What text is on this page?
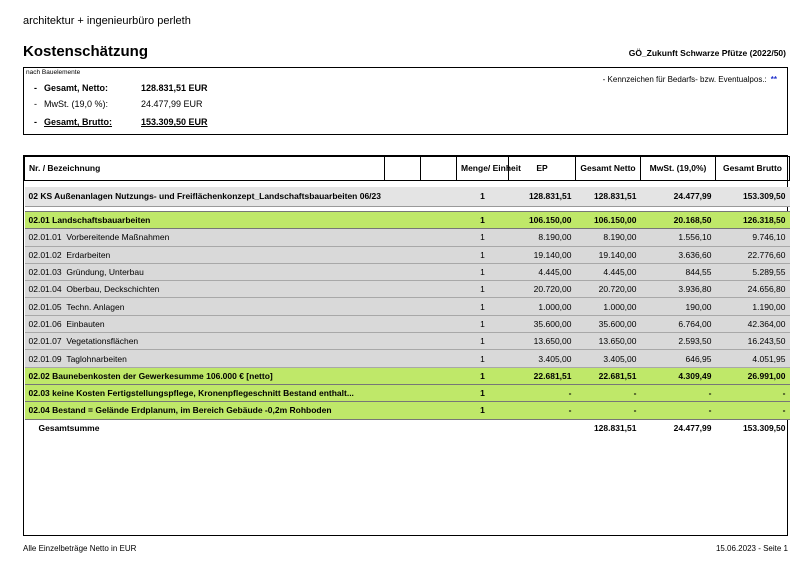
architektur + ingenieurbüro perleth
Kostenschätzung	GÖ_Zukunft Schwarze Pfütze (2022/50)
nach Bauelemente
- Kennzeichen für Bedarfs- bzw. Eventualpos.: **
- Gesamt, Netto:	128.831,51 EUR
- MwSt. (19,0 %):	24.477,99 EUR
- Gesamt, Brutto:	153.309,50 EUR
Nr. / Bezeichnung			Menge/ Einheit	EP	Gesamt Netto	MwSt. (19,0%)	Gesamt Brutto

02 KS Außenanlagen Nutzungs- und Freiflächenkonzept_Landschaftsbauarbeiten 06/23			1	128.831,51	128.831,51	24.477,99	153.309,50

02.01 Landschaftsbauarbeiten			1	106.150,00	106.150,00	20.168,50	126.318,50
02.01.01 Vorbereitende Maßnahmen			1	8.190,00	8.190,00	1.556,10	9.746,10
02.01.02 Erdarbeiten			1	19.140,00	19.140,00	3.636,60	22.776,60
02.01.03 Gründung, Unterbau			1	4.445,00	4.445,00	844,55	5.289,55
02.01.04 Oberbau, Deckschichten			1	20.720,00	20.720,00	3.936,80	24.656,80
02.01.05 Techn. Anlagen			1	1.000,00	1.000,00	190,00	1.190,00
02.01.06 Einbauten			1	35.600,00	35.600,00	6.764,00	42.364,00
02.01.07 Vegetationsflächen			1	13.650,00	13.650,00	2.593,50	16.243,50
02.01.09 Taglohnarbeiten			1	3.405,00	3.405,00	646,95	4.051,95
02.02 Baunebenkosten der Gewerkesumme 106.000 € [netto]			1	22.681,51	22.681,51	4.309,49	26.991,00
02.03 keine Kosten Fertigstellungspflege, Kronenpflegeschnitt Bestand enthalt...			1	-	-	-	-
02.04 Bestand = Gelände Erdplanum, im Bereich Gebäude -0,2m Rohboden			1	-	-	-	-
Gesamtsumme					128.831,51	24.477,99	153.309,50
Alle Einzelbeträge Netto in EUR	15.06.2023 - Seite 1
